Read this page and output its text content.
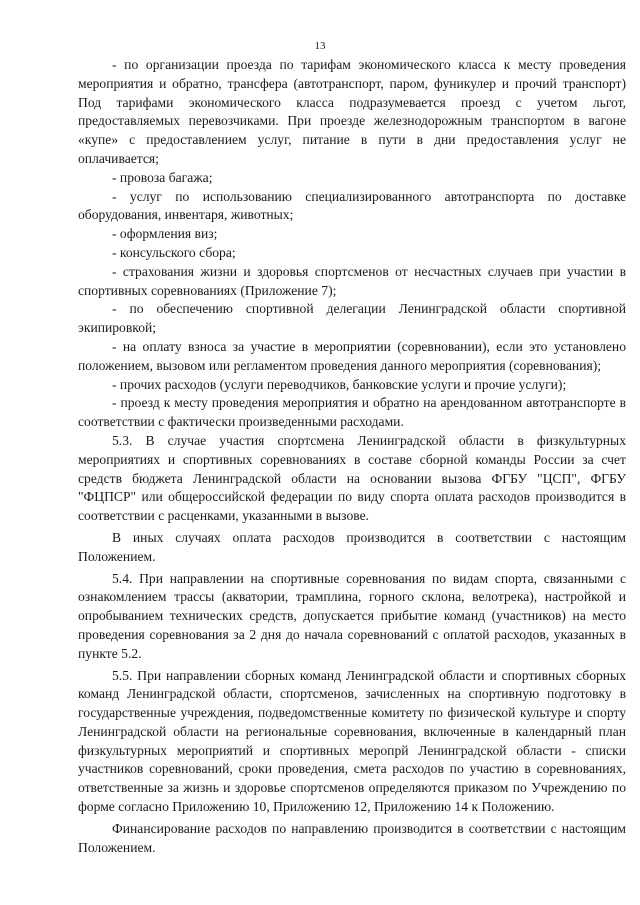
13

- по организации проезда по тарифам экономического класса к месту проведения мероприятия и обратно, трансфера (автотранспорт, паром, фуникулер и прочий транспорт) Под тарифами экономического класса подразумевается проезд с учетом льгот, предоставляемых перевозчиками. При проезде железнодорожным транспортом в вагоне «купе» с предоставлением услуг, питание в пути в дни предоставления услуг не оплачивается;

- провоза багажа;

- услуг по использованию специализированного автотранспорта по доставке оборудования, инвентаря, животных;

- оформления виз;

- консульского сбора;

- страхования жизни и здоровья спортсменов от несчастных случаев при участии в спортивных соревнованиях (Приложение 7);

- по обеспечению спортивной делегации Ленинградской области спортивной экипировкой;

- на оплату взноса за участие в мероприятии (соревновании), если это установлено положением, вызовом или регламентом проведения данного мероприятия (соревнования);

- прочих расходов (услуги переводчиков, банковские услуги и прочие услуги);

- проезд к месту проведения мероприятия и обратно на арендованном автотранспорте в соответствии с фактически произведенными расходами.

5.3. В случае участия спортсмена Ленинградской области в физкультурных мероприятиях и спортивных соревнованиях в составе сборной команды России за счет средств бюджета Ленинградской области на основании вызова ФГБУ "ЦСП", ФГБУ "ФЦПСР" или общероссийской федерации по виду спорта оплата расходов производится в соответствии с расценками, указанными в вызове.

В иных случаях оплата расходов производится в соответствии с настоящим Положением.

5.4. При направлении на спортивные соревнования по видам спорта, связанными с ознакомлением трассы (акватории, трамплина, горного склона, велотрека), настройкой и опробыванием технических средств, допускается прибытие команд (участников) на место проведения соревнования за 2 дня до начала соревнований с оплатой расходов, указанных в пункте 5.2.

5.5. При направлении сборных команд Ленинградской области и спортивных сборных команд Ленинградской области, спортсменов, зачисленных на спортивную подготовку в государственные учреждения, подведомственные комитету по физической культуре и спорту Ленинградской области на региональные соревнования, включенные в календарный план физкультурных мероприятий и спортивных меропрй Ленинградской области - списки участников соревнований, сроки проведения, смета расходов по участию в соревнованиях, ответственные за жизнь и здоровье спортсменов определяются приказом по Учреждению по форме согласно Приложению 10, Приложению 12, Приложению 14 к Положению.

Финансирование расходов по направлению производится в соответствии с настоящим Положением.
